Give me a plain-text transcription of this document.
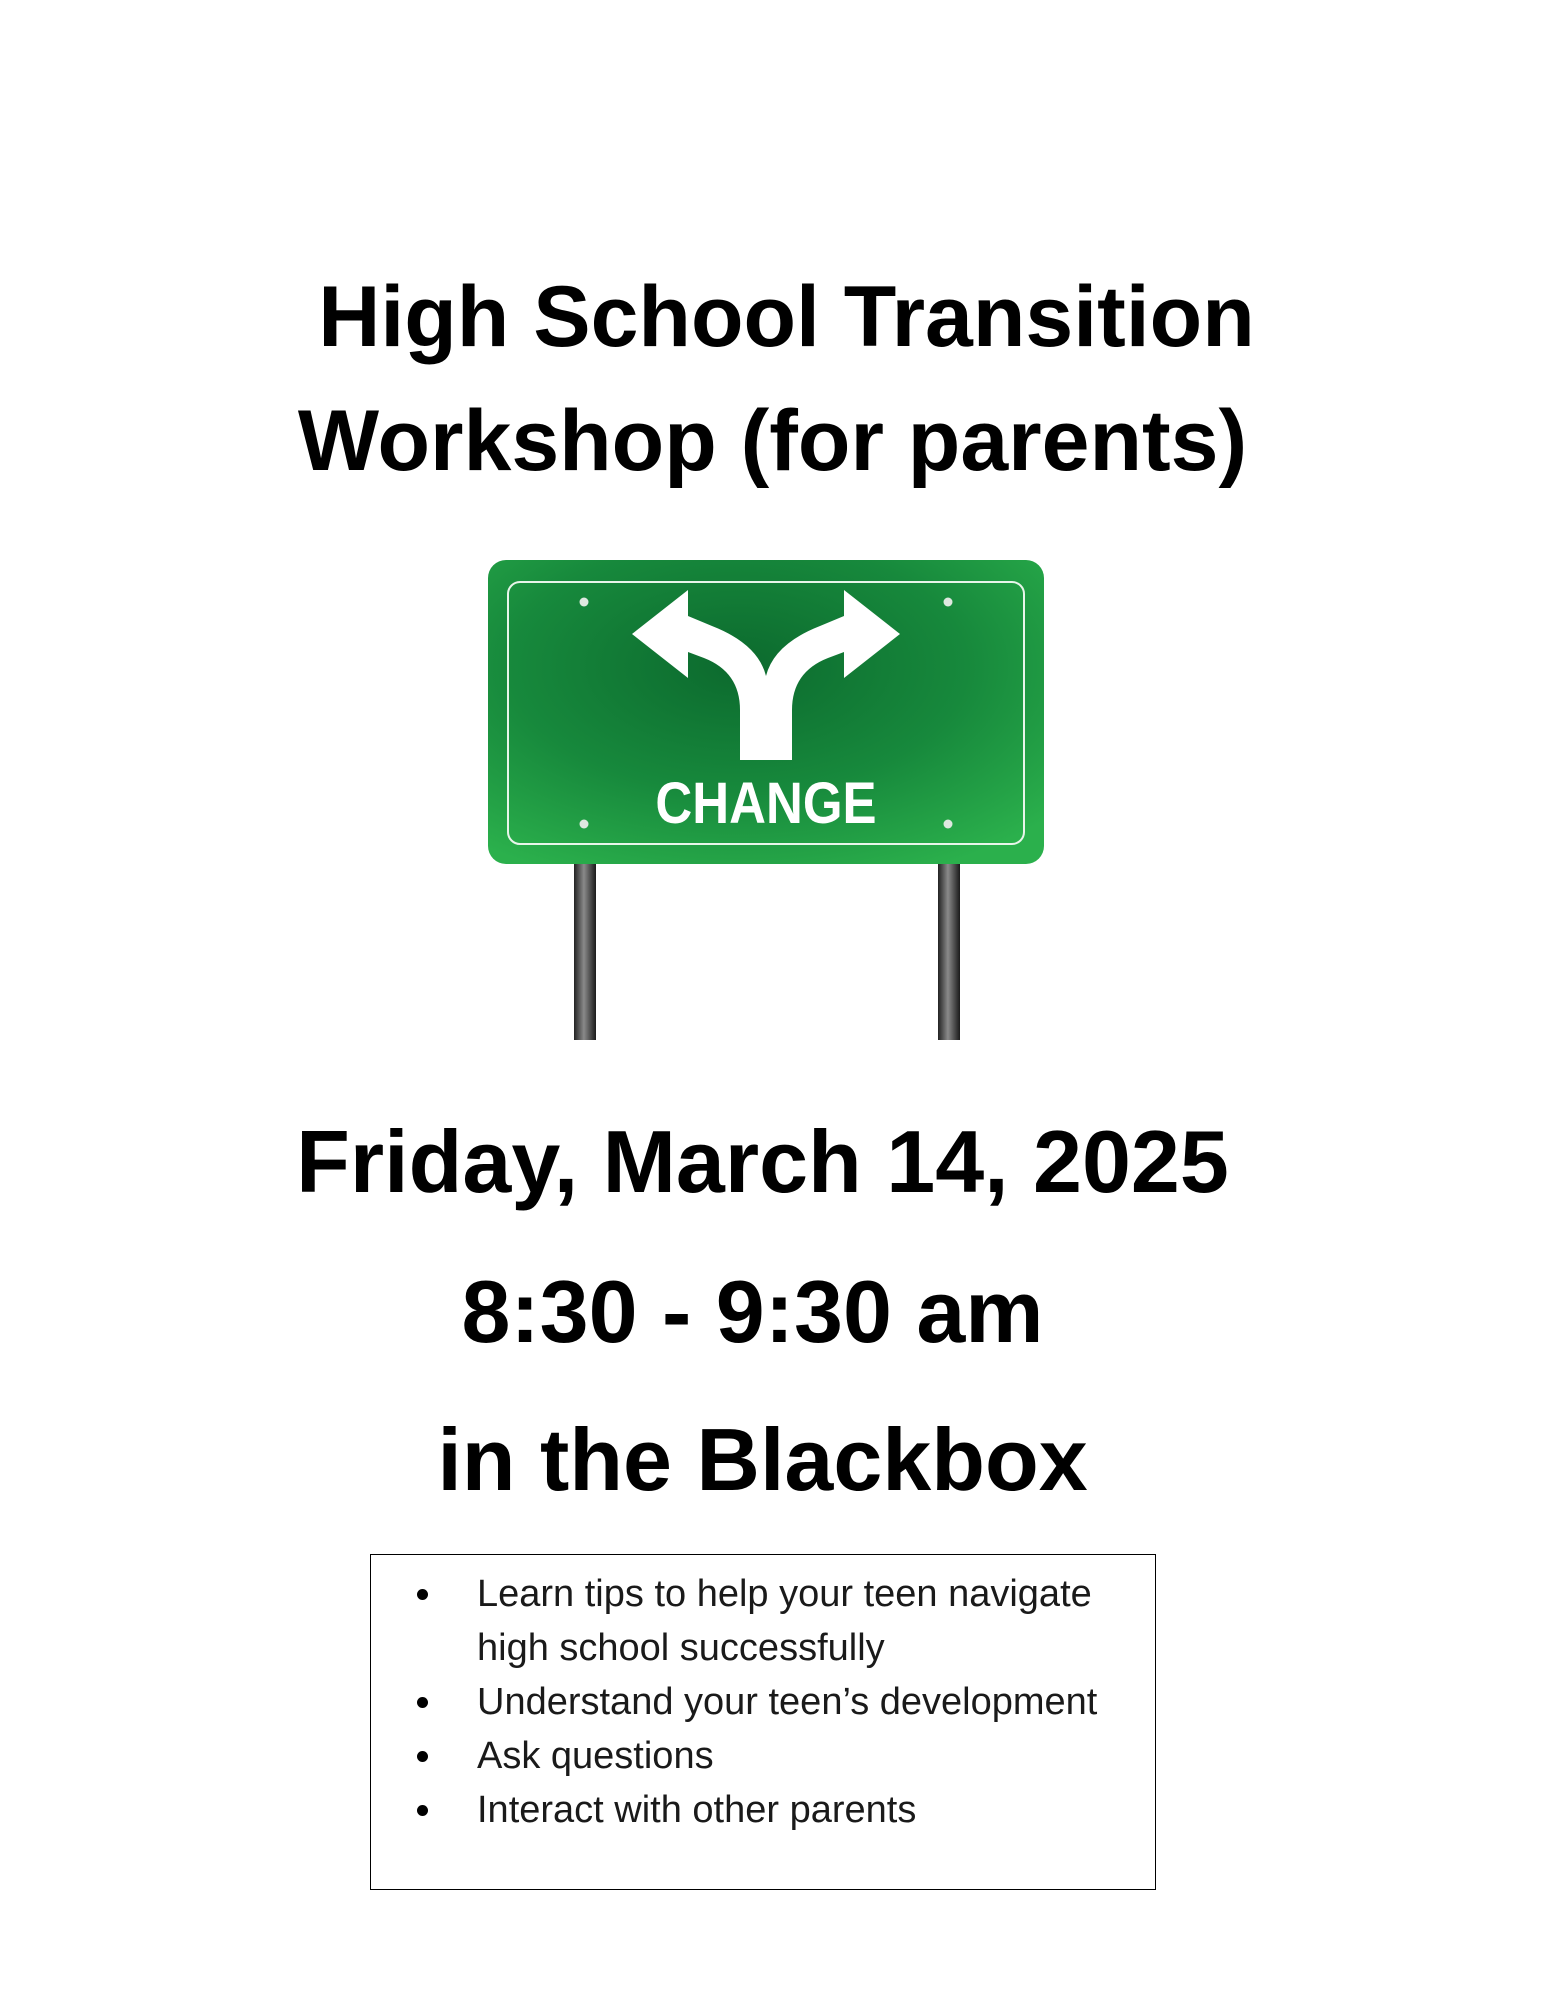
High School Transition
Workshop (for parents)
CHANGE
Friday, March 14, 2025
8:30 - 9:30 am
in the Blackbox
Learn tips to help your teen navigate high school successfully
Understand your teen’s development
Ask questions
Interact with other parents
